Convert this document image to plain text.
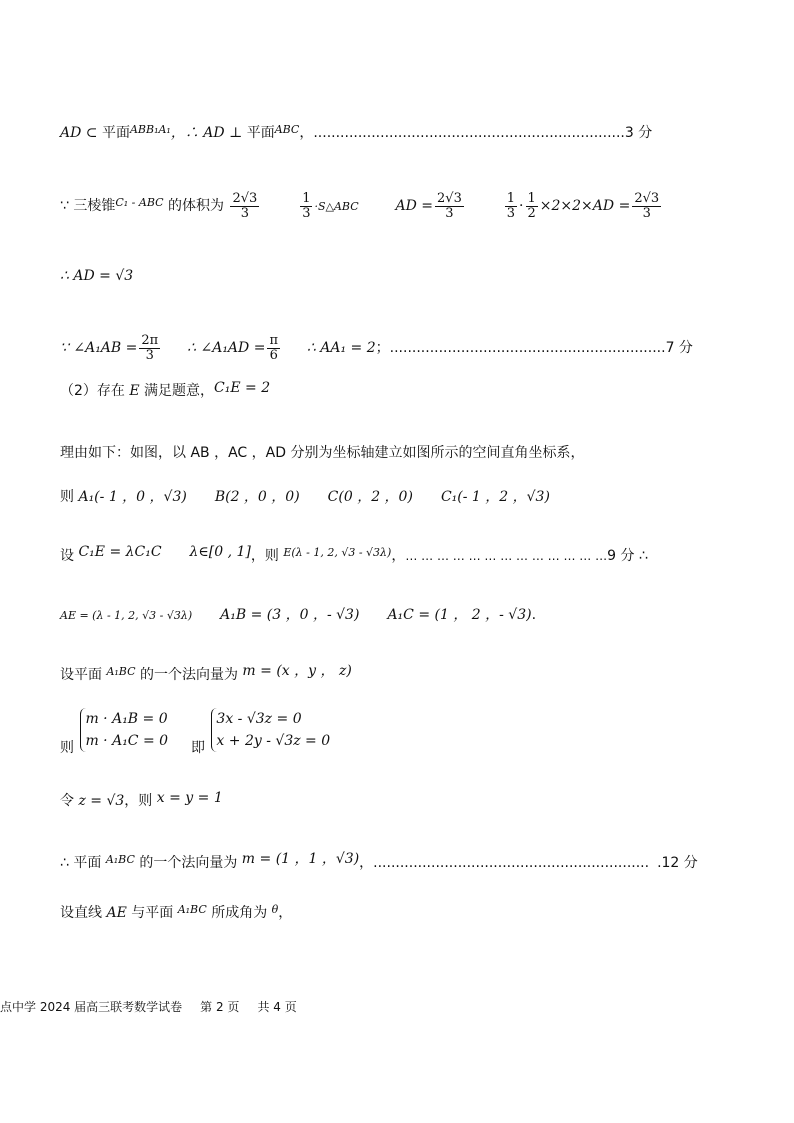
AD ⊂ 平面$^{ABB_1A_1}$，∴ AD ⊥ 平面$^{ABC}$，......................................................................3 分
∵ 三棱锥$^{C_1 - ABC}$ 的体积为 $\frac{2√3}{3}$
	$\frac{1}{3}$ ·S△ABC	AD = $\frac{2√3}{3}$
	$\frac{1}{3} \cdot \frac{1}{2} \times 2\times 2\times AD = \frac{2√3}{3}$
∴ AD = √3
∵ ∠A₁AB = $\frac{2\pi}{3}$ ∴ ∠A₁AD = $\frac{\pi}{6}$ ∴ AA₁ = 2；..............................................................7 分
（2）存在 E 满足题意，C₁E = 2
理由如下：如图，以 AB ，AC ，AD 分别为坐标轴建立如图所示的空间直角坐标系，
则 A₁(- 1 ，0 ，√3) B(2 ，0 ，0) C(0 ，2 ，0) C₁(- 1 ，2 ，√3)
设 C₁E = λC₁C λ∈[0 , 1]，则 $^{E(\lambda - 1, 2, √3 - √3\lambda)}$，… … … … … … … … … … … … …9 分 ∴
AE = (λ - 1, 2, √3 - √3λ) A₁B = (3 ，0 ，- √3) A₁C = (1 ， 2 ，- √3).
设平面 $^{A_1BC}$ 的一个法向量为 m = (x ，y ， z)
则
m · A₁B = 0
m · A₁C = 0 即
3x - √3z = 0
x + 2y - √3z = 0
令 z = √3，则 x = y = 1
∴ 平面 $^{A_1BC}$ 的一个法向量为 m = (1 ，1 ，√3)，.............................................................. .12 分
设直线 AE 与平面 $^{A_1BC}$ 所成角为 $^\theta$，
点中学 2024 届高三联考数学试卷 第 2 页 共 4 页
